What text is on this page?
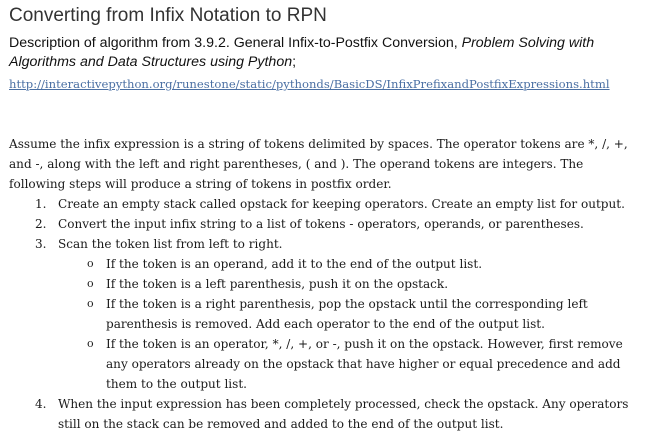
Converting from Infix Notation to RPN
Description of algorithm from 3.9.2. General Infix-to-Postfix Conversion, Problem Solving with Algorithms and Data Structures using Python;
http://interactivepython.org/runestone/static/pythonds/BasicDS/InfixPrefixandPostfixExpressions.html

Assume the infix expression is a string of tokens delimited by spaces. The operator tokens are *, /, +, and -, along with the left and right parentheses, ( and ). The operand tokens are integers. The following steps will produce a string of tokens in postfix order.

1. Create an empty stack called opstack for keeping operators. Create an empty list for output.
2. Convert the input infix string to a list of tokens - operators, operands, or parentheses.
3. Scan the token list from left to right.
o If the token is an operand, add it to the end of the output list.
o If the token is a left parenthesis, push it on the opstack.
o If the token is a right parenthesis, pop the opstack until the corresponding left parenthesis is removed. Add each operator to the end of the output list.
o If the token is an operator, *, /, +, or -, push it on the opstack. However, first remove any operators already on the opstack that have higher or equal precedence and add them to the output list.
4. When the input expression has been completely processed, check the opstack. Any operators still on the stack can be removed and added to the end of the output list.
